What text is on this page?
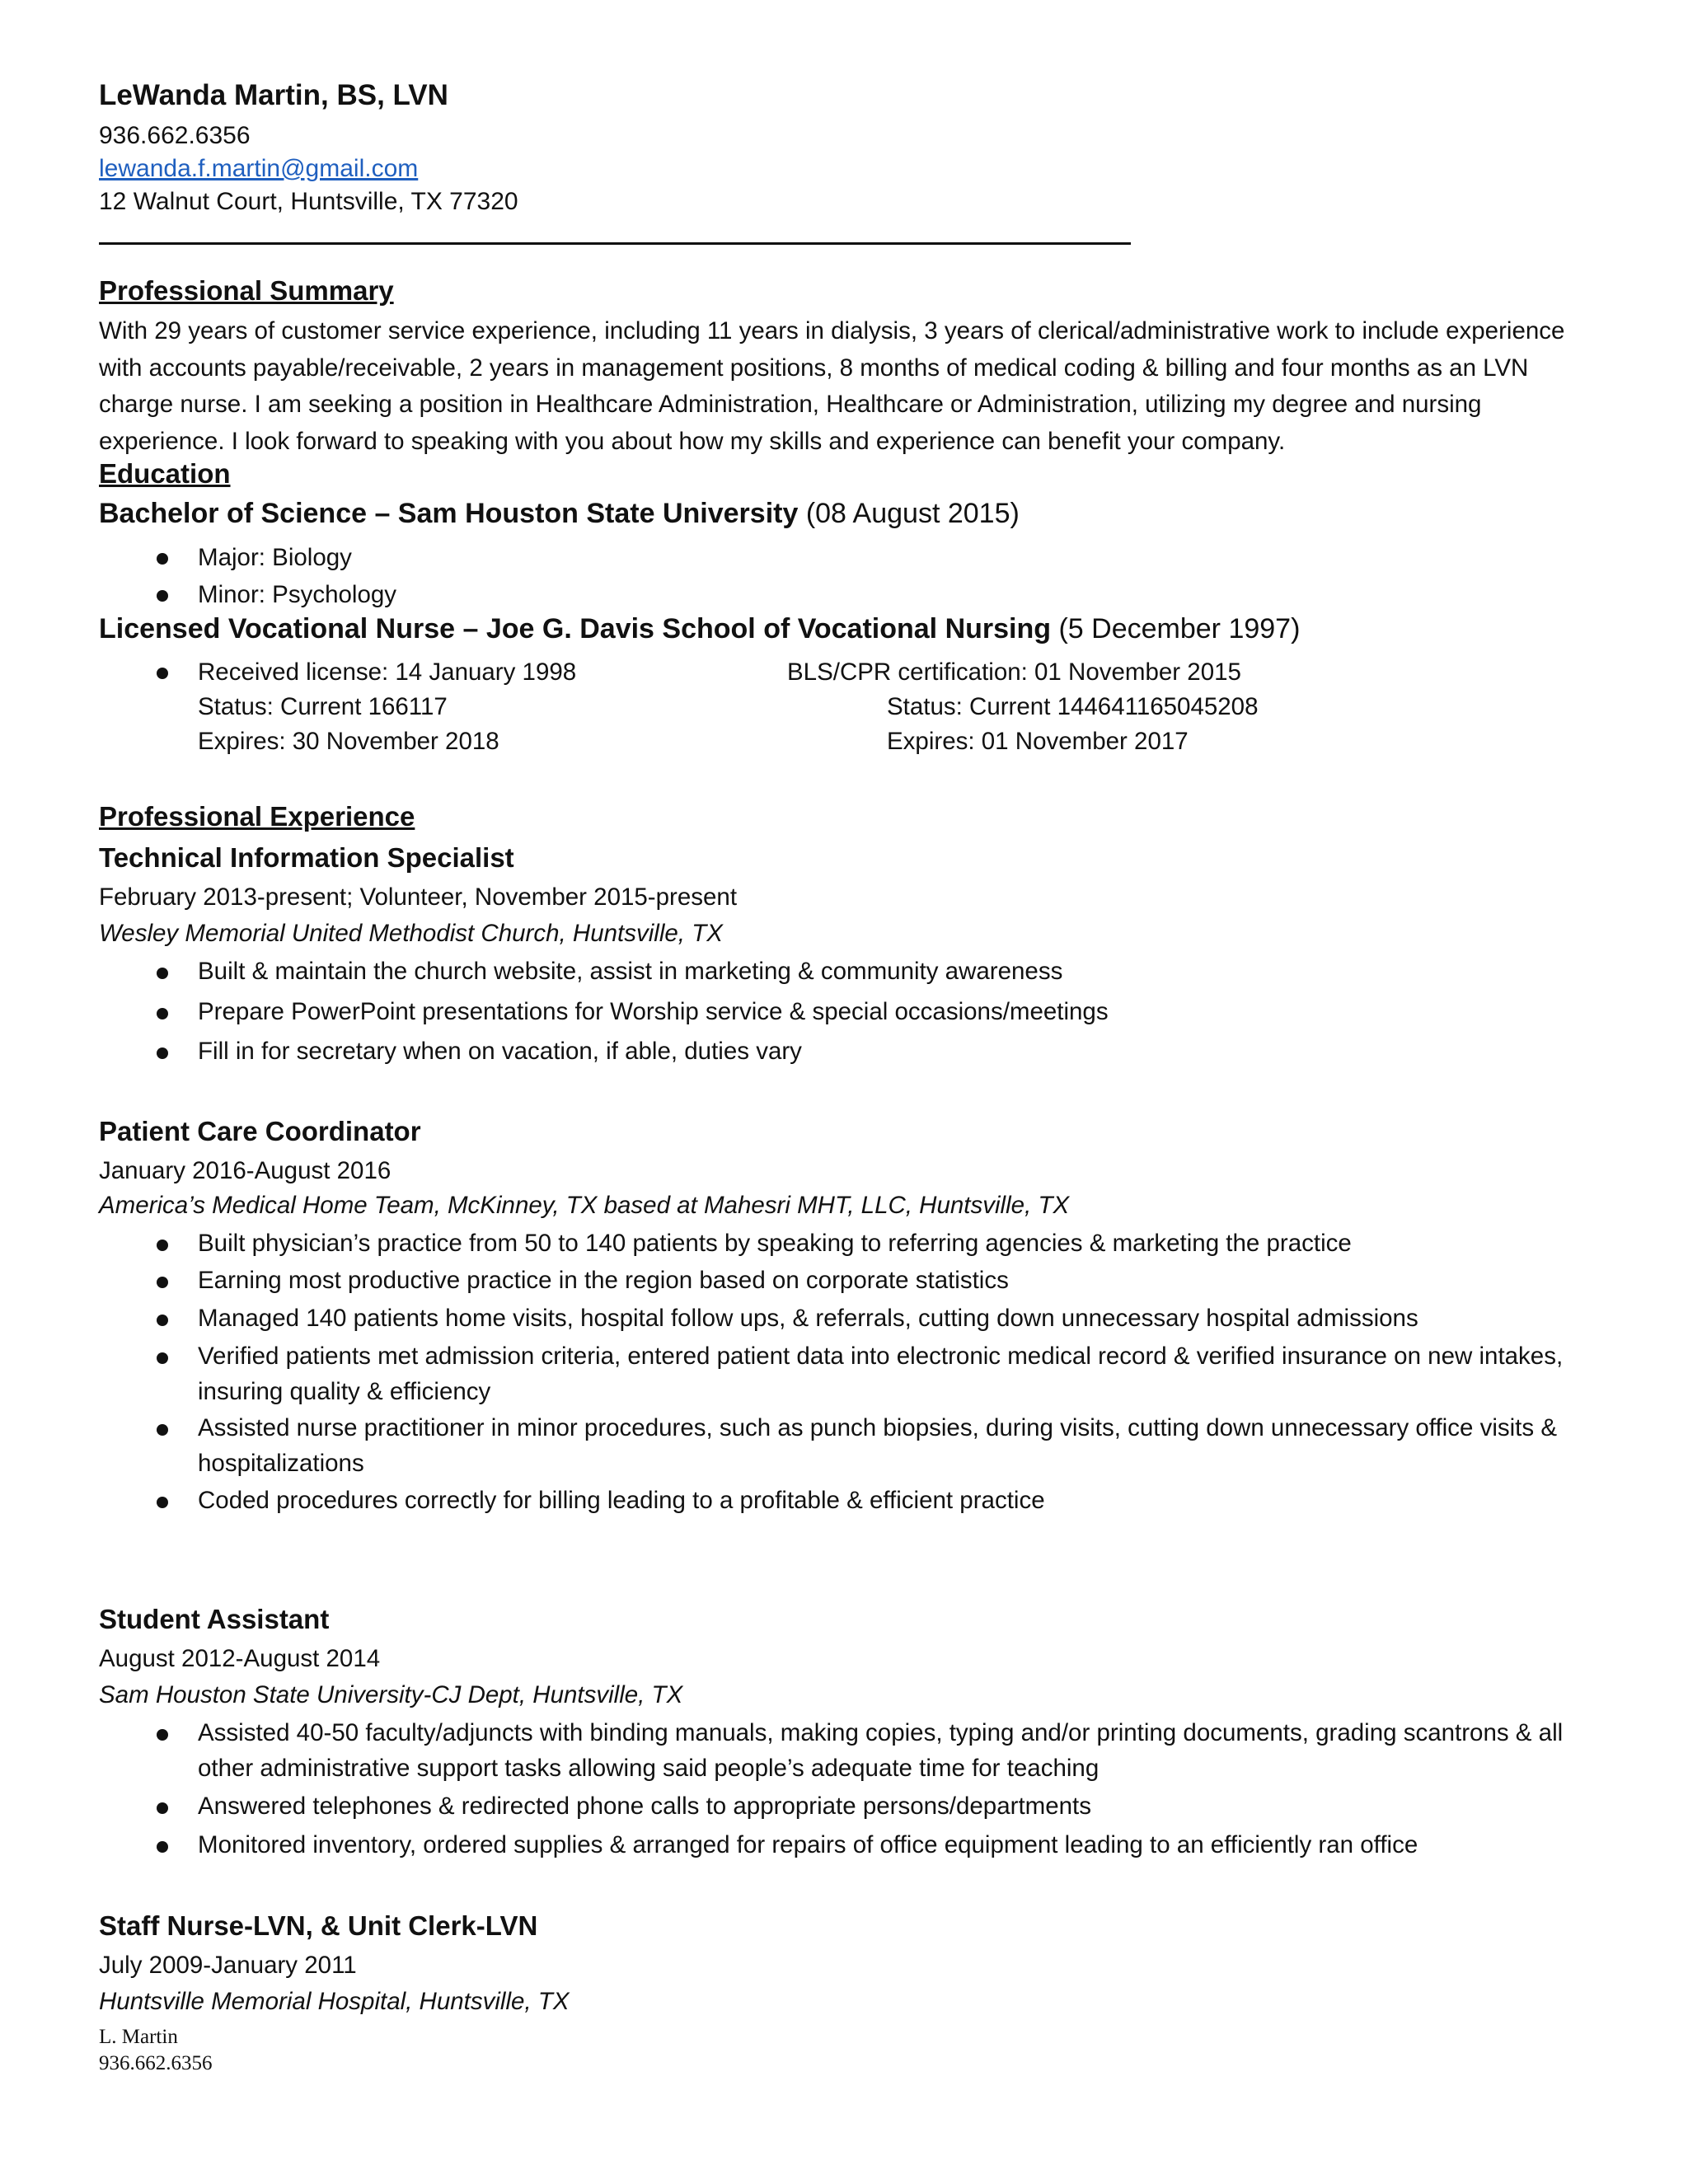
LeWanda Martin, BS, LVN
936.662.6356
lewanda.f.martin@gmail.com
12 Walnut Court, Huntsville, TX 77320
Professional Summary
With 29 years of customer service experience, including 11 years in dialysis, 3 years of clerical/administrative work to include experience with accounts payable/receivable, 2 years in management positions, 8 months of medical coding & billing and four months as an LVN charge nurse. I am seeking a position in Healthcare Administration, Healthcare or Administration, utilizing my degree and nursing experience. I look forward to speaking with you about how my skills and experience can benefit your company.
Education
Bachelor of Science – Sam Houston State University (08 August 2015)
Major: Biology
Minor: Psychology
Licensed Vocational Nurse – Joe G. Davis School of Vocational Nursing (5 December 1997)
Received license: 14 January 1998
Status: Current 166117
Expires: 30 November 2018
BLS/CPR certification: 01 November 2015
Status: Current 144641165045208
Expires: 01 November 2017
Professional Experience
Technical Information Specialist
February 2013-present; Volunteer, November 2015-present
Wesley Memorial United Methodist Church, Huntsville, TX
Built & maintain the church website, assist in marketing & community awareness
Prepare PowerPoint presentations for Worship service & special occasions/meetings
Fill in for secretary when on vacation, if able, duties vary
Patient Care Coordinator
January 2016-August 2016
America’s Medical Home Team, McKinney, TX based at Mahesri MHT, LLC, Huntsville, TX
Built physician’s practice from 50 to 140 patients by speaking to referring agencies & marketing the practice
Earning most productive practice in the region based on corporate statistics
Managed 140 patients home visits, hospital follow ups, & referrals, cutting down unnecessary hospital admissions
Verified patients met admission criteria, entered patient data into electronic medical record & verified insurance on new intakes, insuring quality & efficiency
Assisted nurse practitioner in minor procedures, such as punch biopsies, during visits, cutting down unnecessary office visits & hospitalizations
Coded procedures correctly for billing leading to a profitable & efficient practice
Student Assistant
August 2012-August 2014
Sam Houston State University-CJ Dept, Huntsville, TX
Assisted 40-50 faculty/adjuncts with binding manuals, making copies, typing and/or printing documents, grading scantrons & all other administrative support tasks allowing said people’s adequate time for teaching
Answered telephones & redirected phone calls to appropriate persons/departments
Monitored inventory, ordered supplies & arranged for repairs of office equipment leading to an efficiently ran office
Staff Nurse-LVN, & Unit Clerk-LVN
July 2009-January 2011
Huntsville Memorial Hospital, Huntsville, TX
L. Martin
936.662.6356
